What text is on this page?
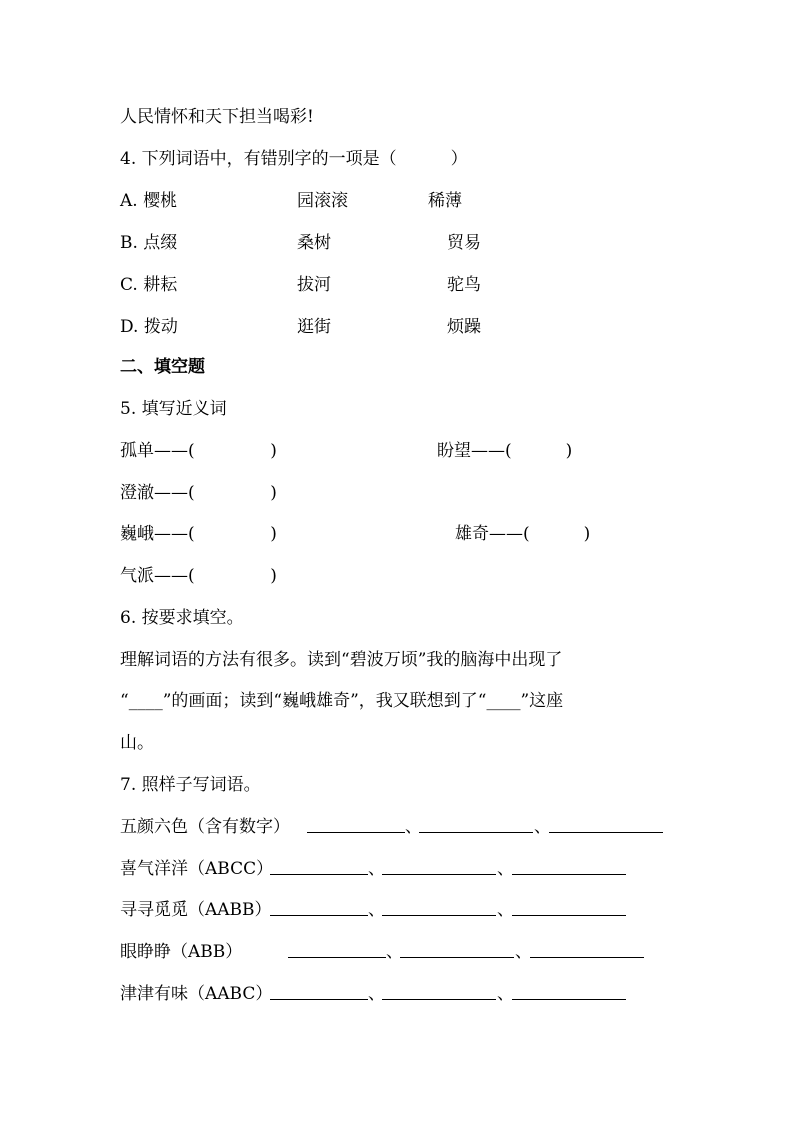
人民情怀和天下担当喝彩!
4. 下列词语中，有错别字的一项是（          ）
A. 樱桃	园滚滚	稀薄
B. 点缀	桑树	贸易
C. 耕耘	拔河	驼鸟
D. 拨动	逛街	烦躁
二、填空题
5. 填写近义词
孤单——(              )	盼望——(          )
澄澈——(              )
巍峨——(              )	雄奇——(          )
气派——(              )
6. 按要求填空。
理解词语的方法有很多。读到“碧波万顷”我的脑海中出现了
“____”的画面；读到“巍峨雄奇”，我又联想到了“____”这座
山。
7. 照样子写词语。
五颜六色（含有数字）	、	、
喜气洋洋（ABCC）	、	、
寻寻觅觅（AABB）	、	、
眼睁睁（ABB）	、	、
津津有味（AABC）	、	、
